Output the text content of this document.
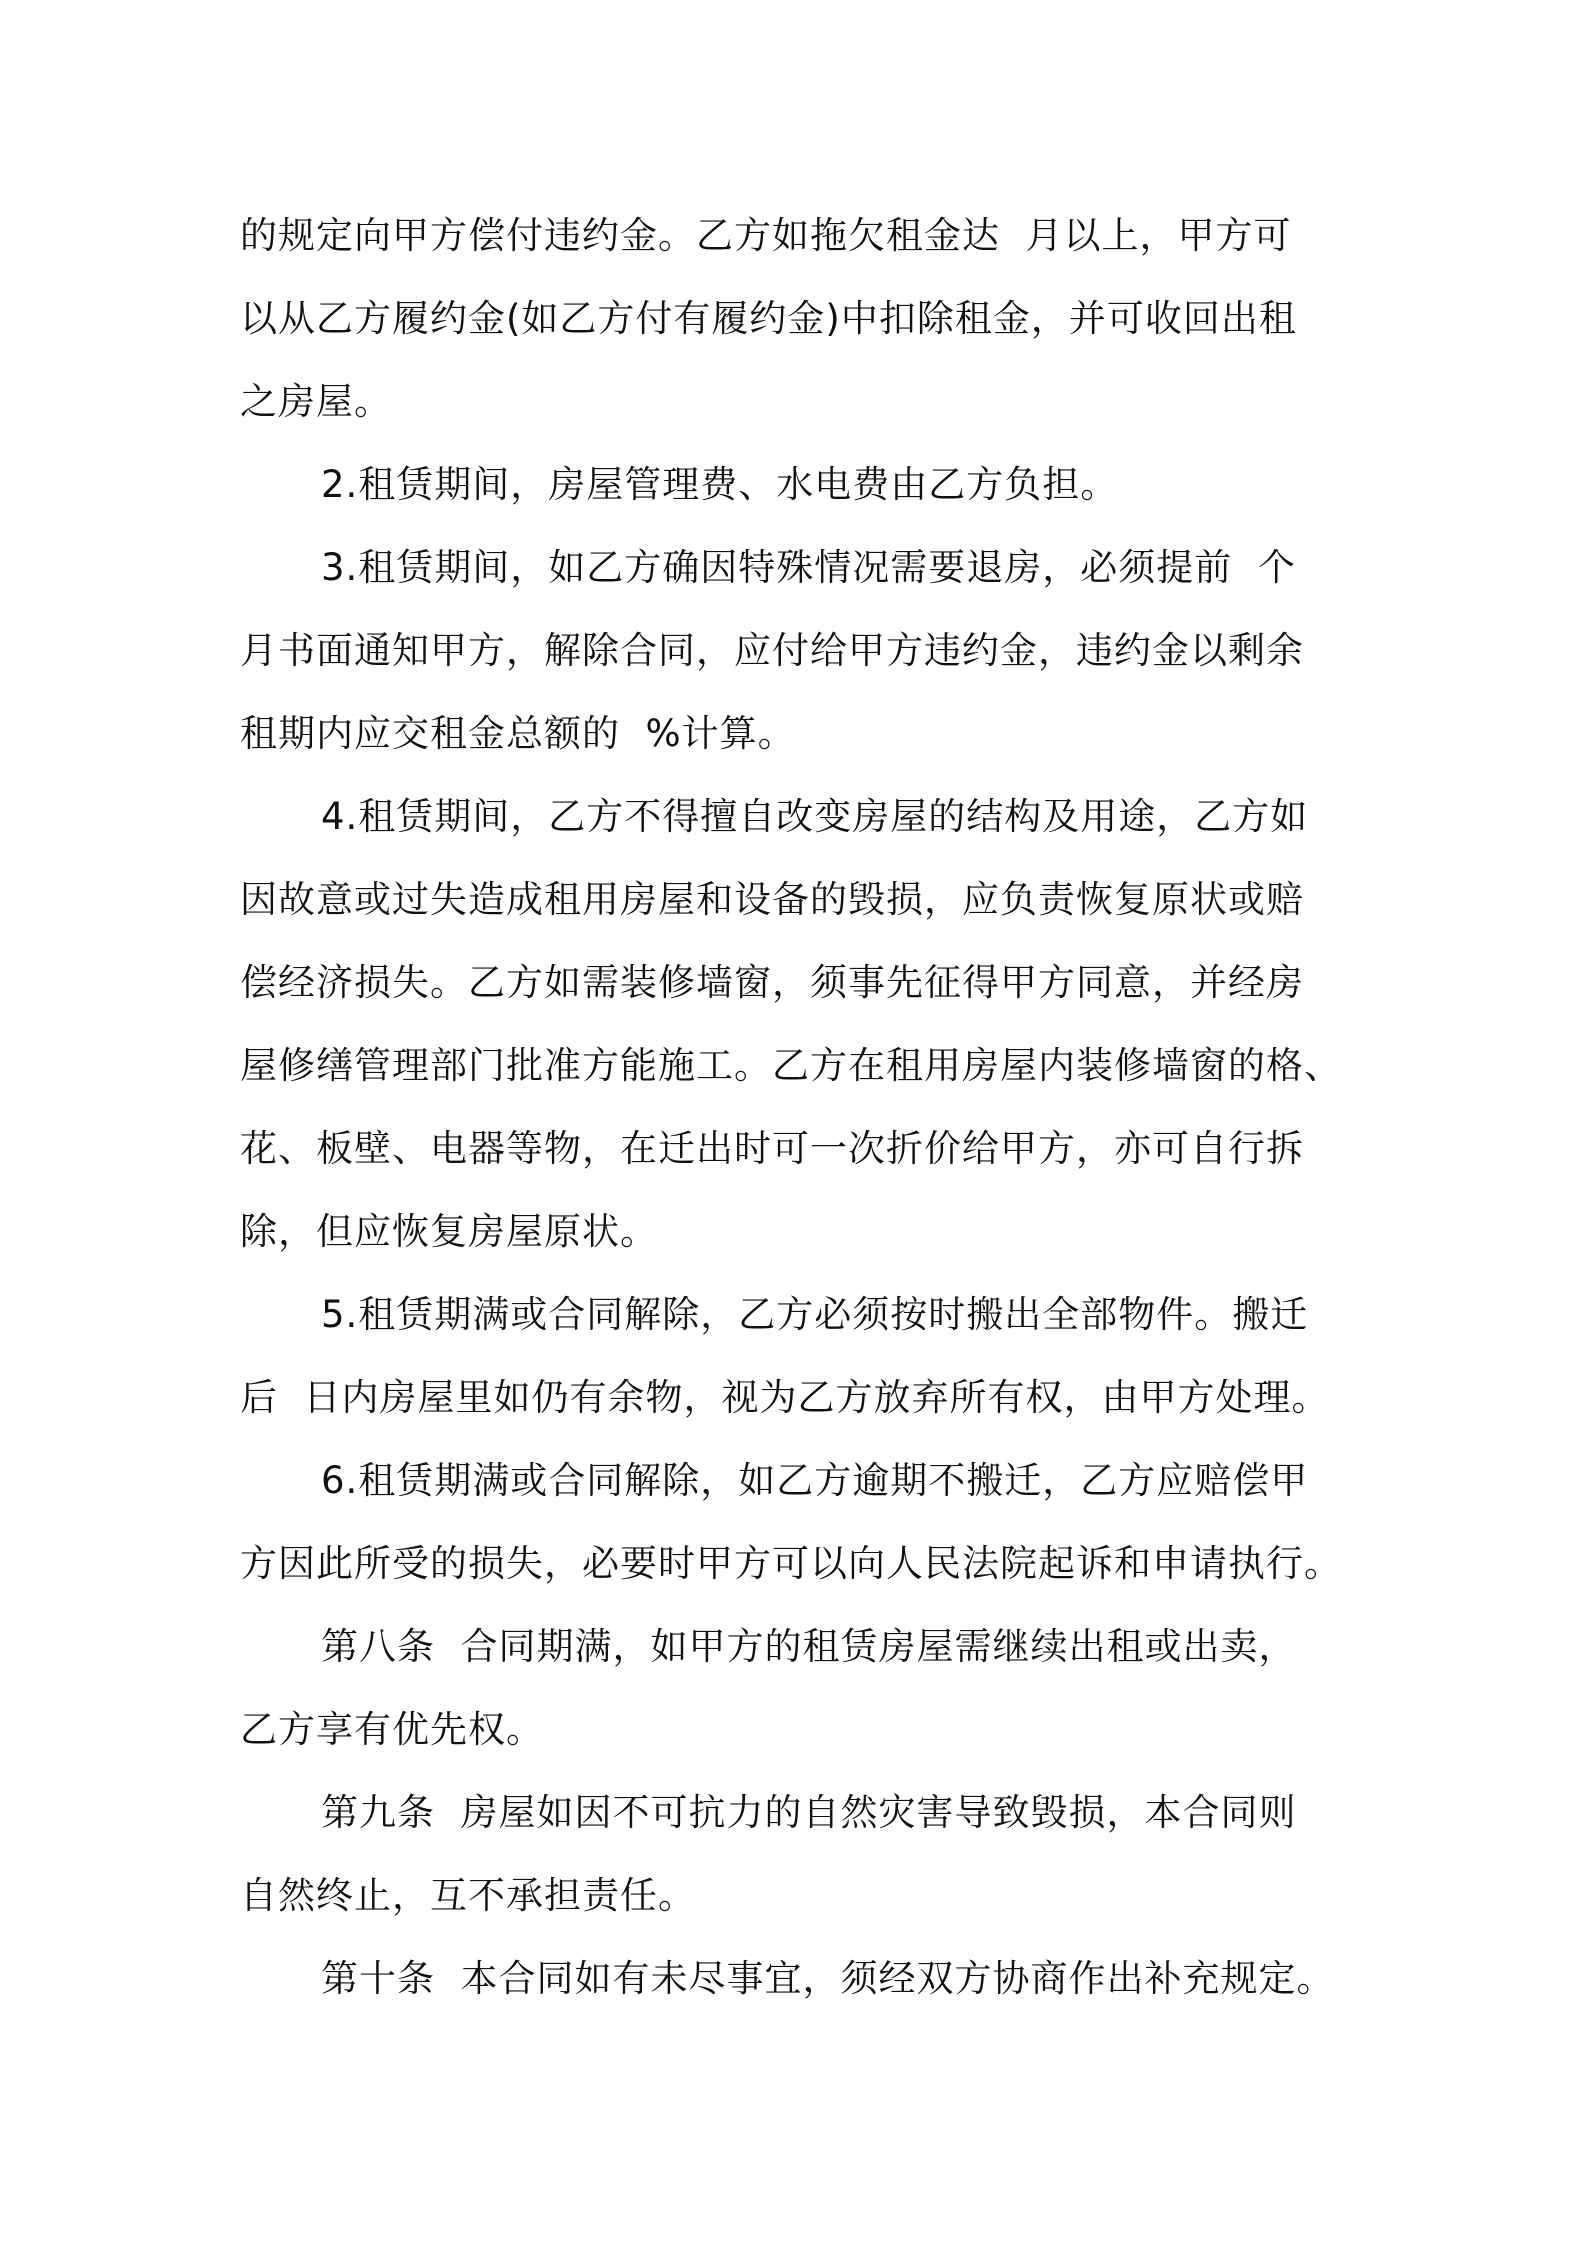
的规定向甲方偿付违约金。乙方如拖欠租金达  月以上，甲方可
以从乙方履约金(如乙方付有履约金)中扣除租金，并可收回出租
之房屋。
2.租赁期间，房屋管理费、水电费由乙方负担。
3.租赁期间，如乙方确因特殊情况需要退房，必须提前  个
月书面通知甲方，解除合同，应付给甲方违约金，违约金以剩余
租期内应交租金总额的  %计算。
4.租赁期间，乙方不得擅自改变房屋的结构及用途，乙方如
因故意或过失造成租用房屋和设备的毁损，应负责恢复原状或赔
偿经济损失。乙方如需装修墙窗，须事先征得甲方同意，并经房
屋修缮管理部门批准方能施工。乙方在租用房屋内装修墙窗的格、
花、板壁、电器等物，在迁出时可一次折价给甲方，亦可自行拆
除，但应恢复房屋原状。
5.租赁期满或合同解除，乙方必须按时搬出全部物件。搬迁
后  日内房屋里如仍有余物，视为乙方放弃所有权，由甲方处理。
6.租赁期满或合同解除，如乙方逾期不搬迁，乙方应赔偿甲
方因此所受的损失，必要时甲方可以向人民法院起诉和申请执行。
第八条  合同期满，如甲方的租赁房屋需继续出租或出卖，
乙方享有优先权。
第九条  房屋如因不可抗力的自然灾害导致毁损，本合同则
自然终止，互不承担责任。
第十条  本合同如有未尽事宜，须经双方协商作出补充规定。
